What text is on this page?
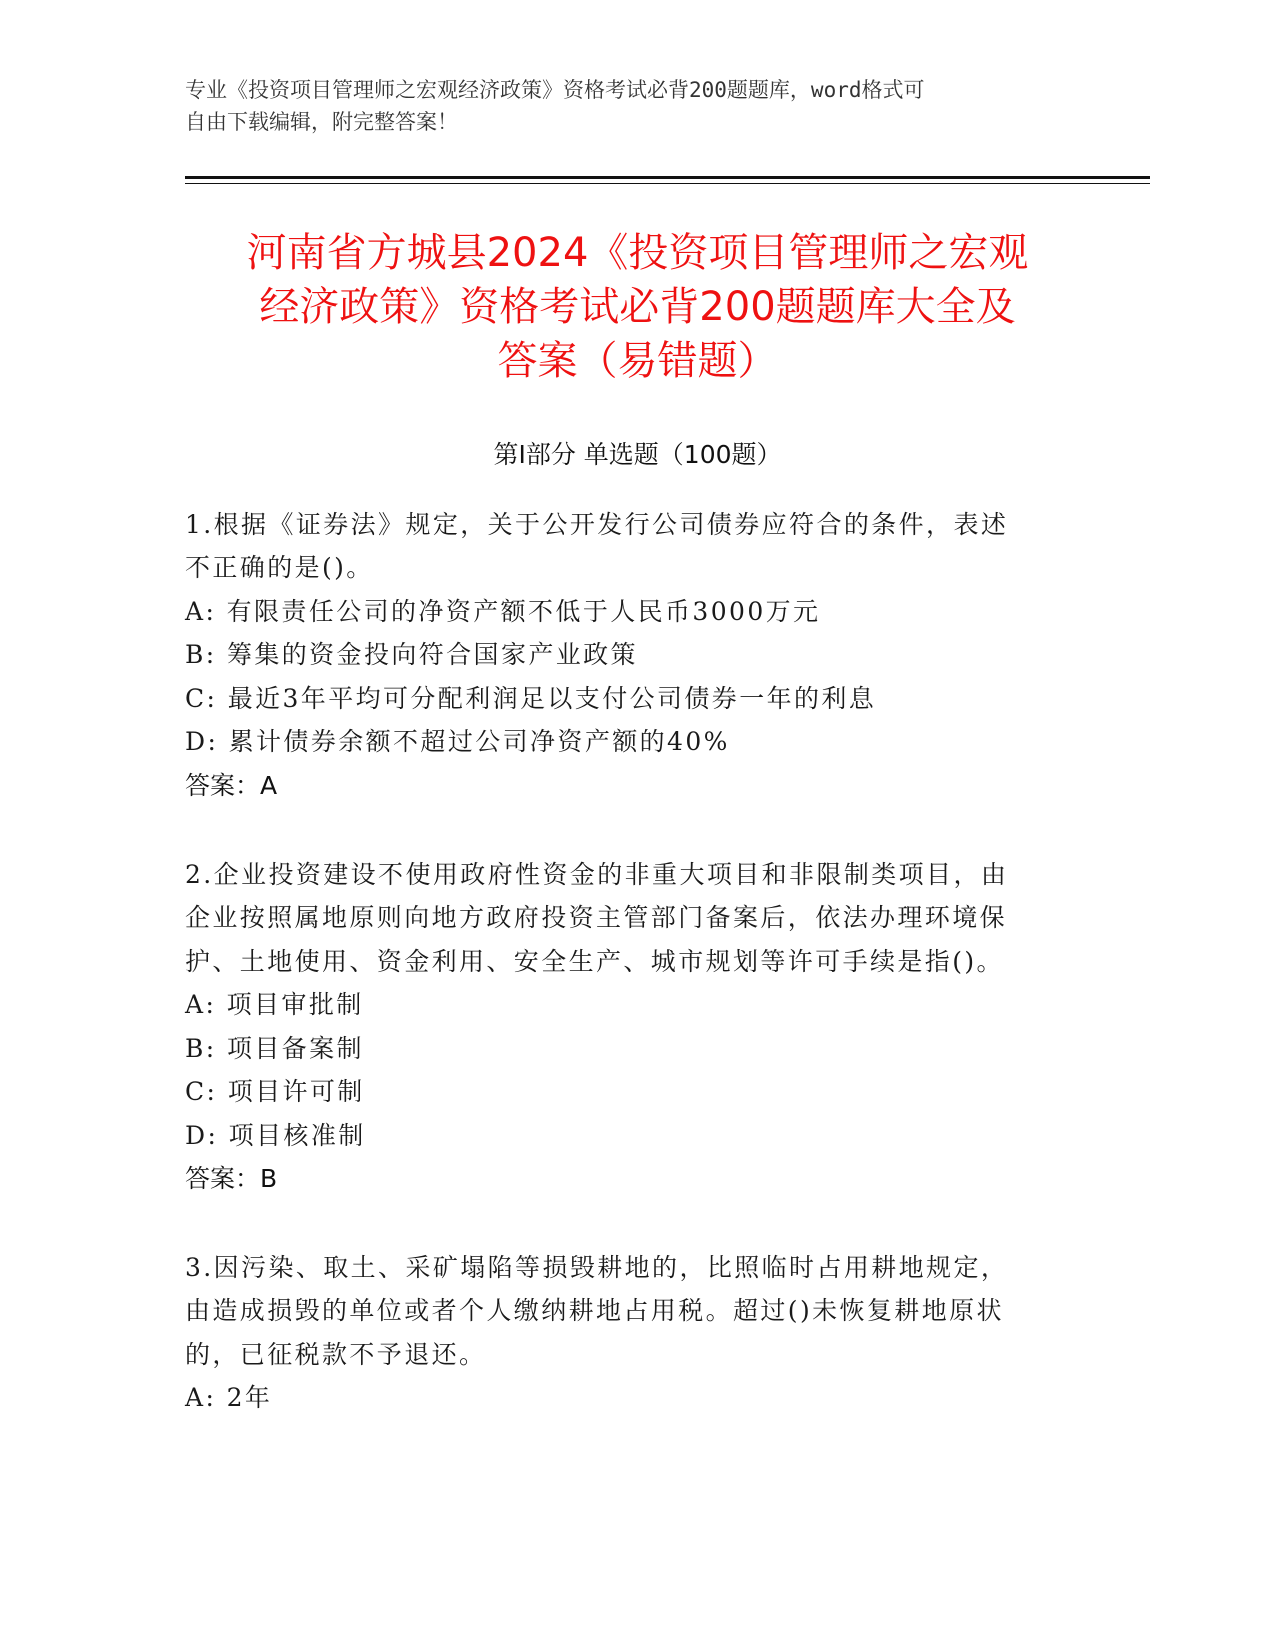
专业《投资项目管理师之宏观经济政策》资格考试必背200题题库，word格式可
自由下载编辑，附完整答案！
河南省方城县2024《投资项目管理师之宏观
经济政策》资格考试必背200题题库大全及
答案（易错题）
第Ⅰ部分 单选题（100题）
1.根据《证券法》规定，关于公开发行公司债券应符合的条件，表述
不正确的是()。
A: 有限责任公司的净资产额不低于人民币3000万元
B: 筹集的资金投向符合国家产业政策
C: 最近3年平均可分配利润足以支付公司债券一年的利息
D: 累计债券余额不超过公司净资产额的40%
答案：A
2.企业投资建设不使用政府性资金的非重大项目和非限制类项目，由
企业按照属地原则向地方政府投资主管部门备案后，依法办理环境保
护、土地使用、资金利用、安全生产、城市规划等许可手续是指()。
A: 项目审批制
B: 项目备案制
C: 项目许可制
D: 项目核准制
答案：B
3.因污染、取土、采矿塌陷等损毁耕地的，比照临时占用耕地规定，
由造成损毁的单位或者个人缴纳耕地占用税。超过()未恢复耕地原状
的，已征税款不予退还。
A: 2年
